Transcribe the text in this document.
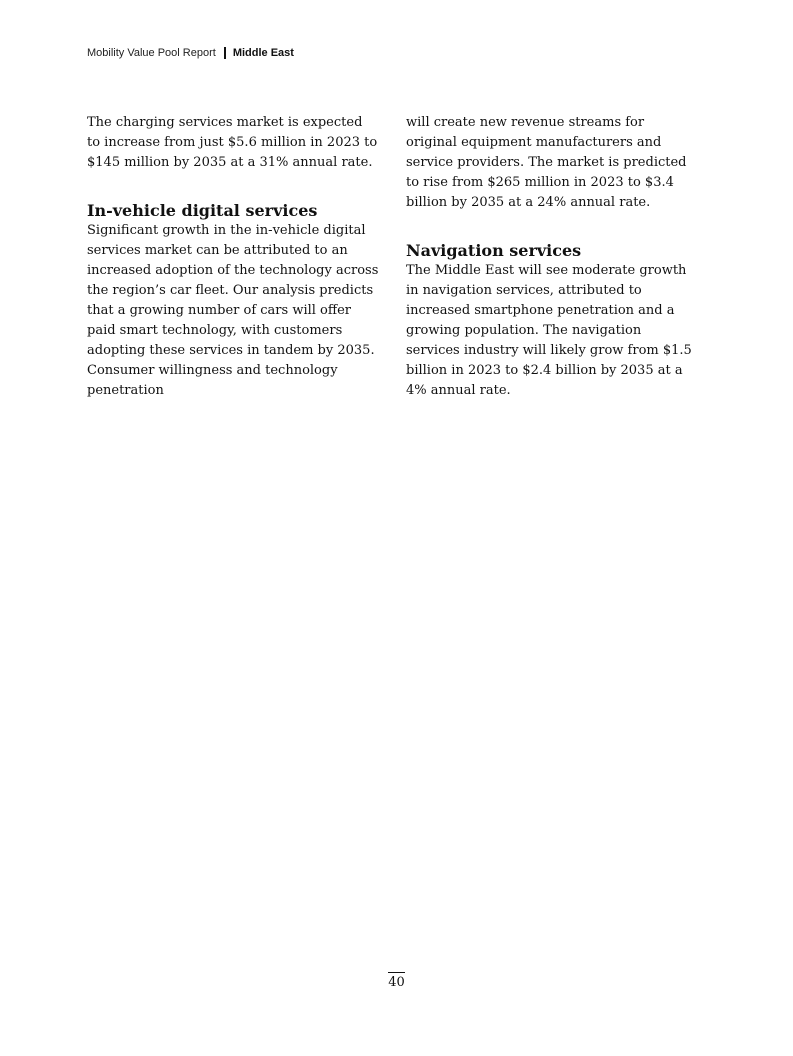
Mobility Value Pool Report Middle East

The charging services market is expected to increase from just $5.6 million in 2023 to $145 million by 2035 at a 31% annual rate.

In-vehicle digital services

Significant growth in the in-vehicle digital services market can be attributed to an increased adoption of the technology across the region’s car fleet. Our analysis predicts that a growing number of cars will offer paid smart technology, with customers adopting these services in tandem by 2035. Consumer willingness and technology penetration

will create new revenue streams for original equipment manufacturers and service providers. The market is predicted to rise from $265 million in 2023 to $3.4 billion by 2035 at a 24% annual rate.

Navigation services

The Middle East will see moderate growth in navigation services, attributed to increased smartphone penetration and a growing population. The navigation services industry will likely grow from $1.5 billion in 2023 to $2.4 billion by 2035 at a 4% annual rate.

40
